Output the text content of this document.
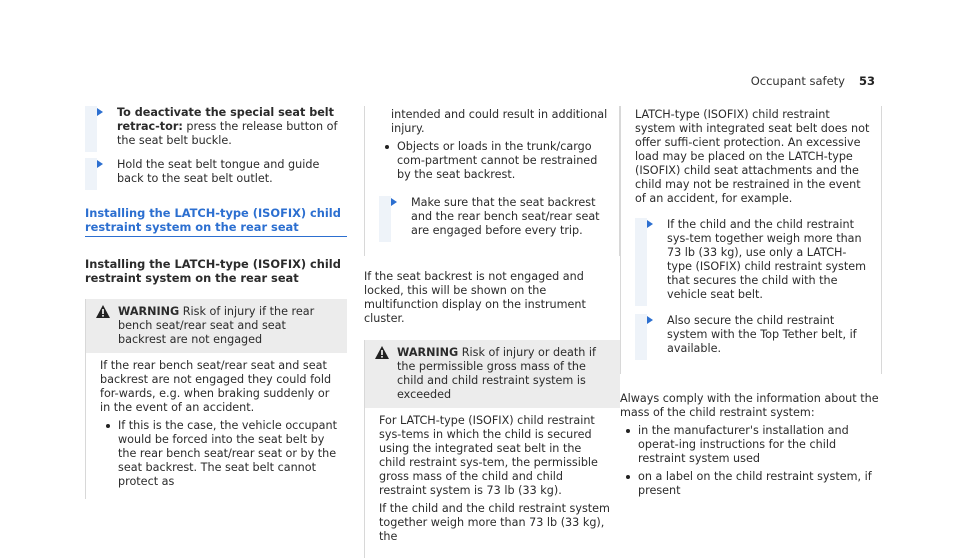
Occupant safety 53
To deactivate the special seat belt retrac-tor: press the release button of the seat belt buckle.
Hold the seat belt tongue and guide back to the seat belt outlet.
Installing the LATCH-type (ISOFIX) child restraint system on the rear seat
Installing the LATCH-type (ISOFIX) child restraint system on the rear seat
WARNING Risk of injury if the rear bench seat/rear seat and seat backrest are not engaged

If the rear bench seat/rear seat and seat backrest are not engaged they could fold for-wards, e.g. when braking suddenly or in the event of an accident.

If this is the case, the vehicle occupant would be forced into the seat belt by the rear bench seat/rear seat or by the seat backrest. The seat belt cannot protect as

intended and could result in additional injury.

Objects or loads in the trunk/cargo com-partment cannot be restrained by the seat backrest.
Make sure that the seat backrest and the rear bench seat/rear seat are engaged before every trip.

If the seat backrest is not engaged and locked, this will be shown on the multifunction display on the instrument cluster.

WARNING Risk of injury or death if the permissible gross mass of the child and child restraint system is exceeded

For LATCH-type (ISOFIX) child restraint sys-tems in which the child is secured using the integrated seat belt in the child restraint sys-tem, the permissible gross mass of the child and child restraint system is 73 lb (33 kg).

If the child and the child restraint system together weigh more than 73 lb (33 kg), the

LATCH-type (ISOFIX) child restraint system with integrated seat belt does not offer suffi-cient protection. An excessive load may be placed on the LATCH-type (ISOFIX) child seat attachments and the child may not be restrained in the event of an accident, for example.

If the child and the child restraint sys-tem together weigh more than 73 lb (33 kg), use only a LATCH-type (ISOFIX) child restraint system that secures the child with the vehicle seat belt.
Also secure the child restraint system with the Top Tether belt, if available.

Always comply with the information about the mass of the child restraint system:

in the manufacturer's installation and operat-ing instructions for the child restraint system used
on a label on the child restraint system, if present
